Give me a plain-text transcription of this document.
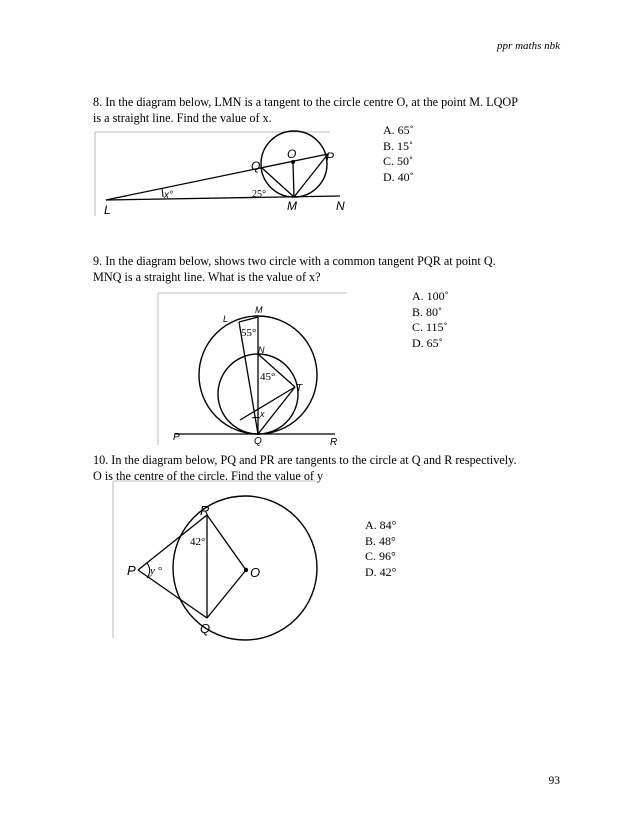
ppr maths nbk
8. In the diagram below, LMN is a tangent to the circle centre O, at the point M. LQOP
is a straight line. Find the value of x.
A. 65˚
B. 15˚
C. 50˚
D. 40˚
L	M	N
Q
O P
x°	25°
9. In the diagram below, shows two circle with a common tangent PQR at point Q.
MNQ is a straight line. What is the value of x?
A. 100˚
B. 80˚
C. 115˚
D. 65˚
L
M
N
T
P	Q	R
x
55°
45°
10. In the diagram below, PQ and PR are tangents to the circle at Q and R respectively.
O is the centre of the circle. Find the value of y
A. 84°
B. 48°
C. 96°
D. 42°
P
Q
R
O
y °
42°
93
